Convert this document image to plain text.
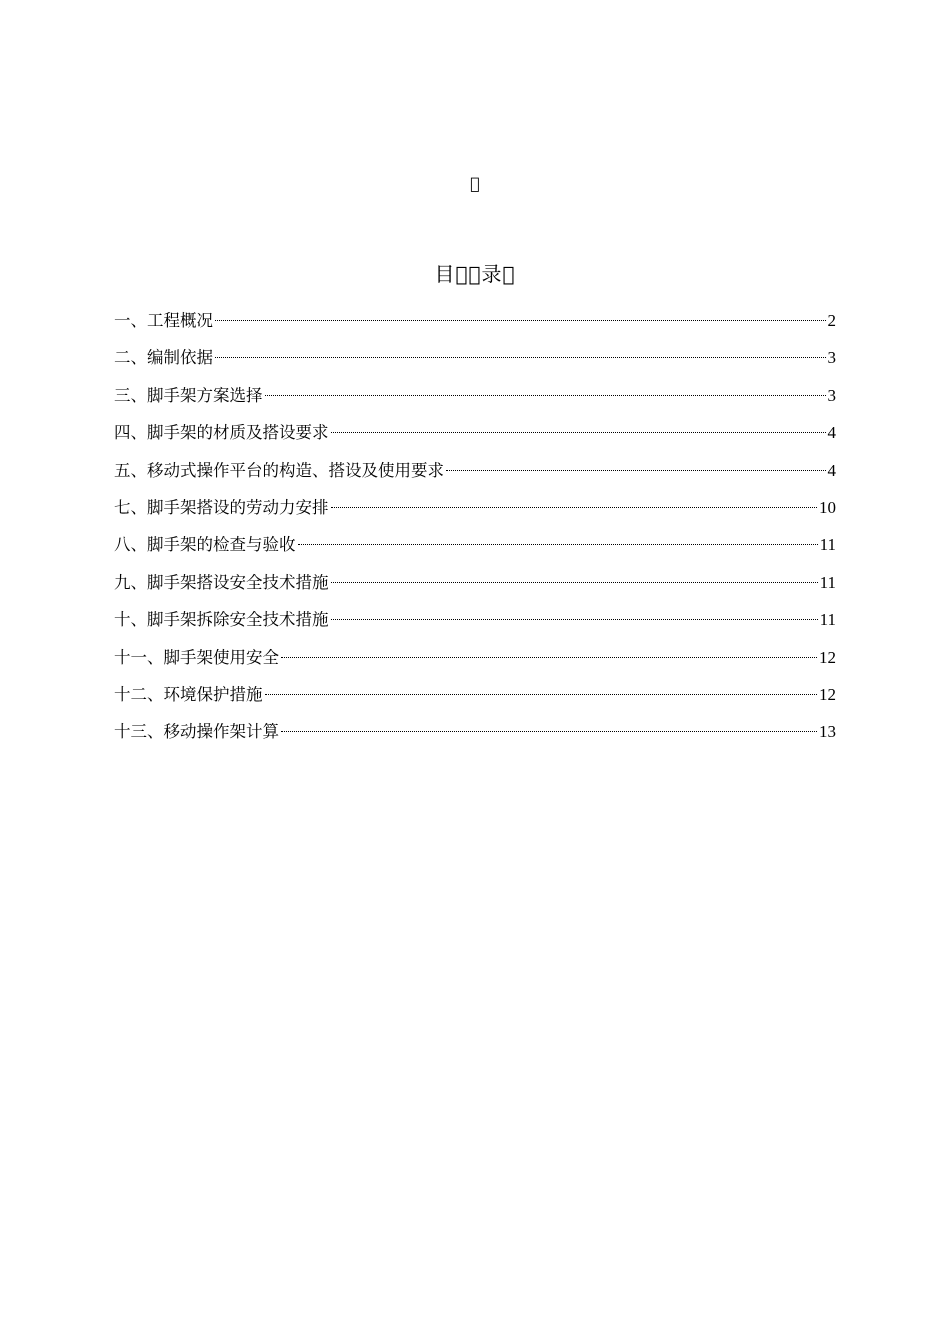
目 录
一、工程概况	2
二、编制依据	3
三、脚手架方案选择	3
四、脚手架的材质及搭设要求	4
五、移动式操作平台的构造、搭设及使用要求	4
七、脚手架搭设的劳动力安排	10
八、脚手架的检查与验收	11
九、脚手架搭设安全技术措施	11
十、脚手架拆除安全技术措施	11
十一、脚手架使用安全	12
十二、环境保护措施	12
十三、移动操作架计算	13
